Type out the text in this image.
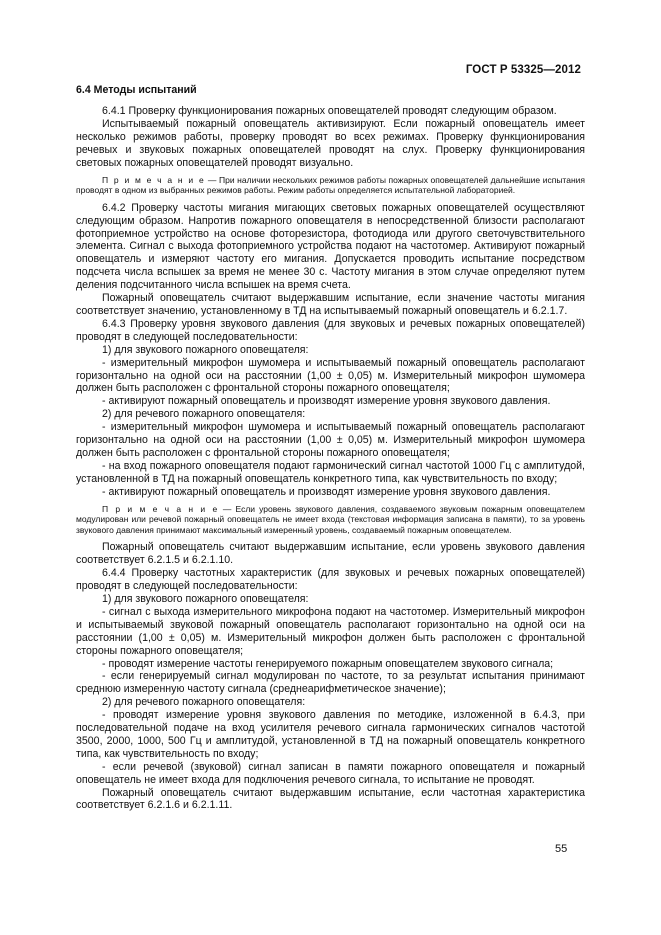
ГОСТ Р 53325—2012
6.4 Методы испытаний

6.4.1 Проверку функционирования пожарных оповещателей проводят следующим образом.

Испытываемый пожарный оповещатель активизируют. Если пожарный оповещатель имеет несколько режимов работы, проверку проводят во всех режимах. Проверку функционирования речевых и звуковых пожарных оповещателей проводят на слух. Проверку функционирования световых пожарных оповещателей проводят визуально.

П р и м е ч а н и е — При наличии нескольких режимов работы пожарных оповещателей дальнейшие испытания проводят в одном из выбранных режимов работы. Режим работы определяется испытательной лабораторией.

6.4.2 Проверку частоты мигания мигающих световых пожарных оповещателей осуществляют следующим образом. Напротив пожарного оповещателя в непосредственной близости располагают фотоприемное устройство на основе фоторезистора, фотодиода или другого светочувствительного элемента. Сигнал с выхода фотоприемного устройства подают на частотомер. Активируют пожарный оповещатель и измеряют частоту его мигания. Допускается проводить испытание посредством подсчета числа вспышек за время не менее 30 с. Частоту мигания в этом случае определяют путем деления подсчитанного числа вспышек на время счета.

Пожарный оповещатель считают выдержавшим испытание, если значение частоты мигания соответствует значению, установленному в ТД на испытываемый пожарный оповещатель и 6.2.1.7.

6.4.3 Проверку уровня звукового давления (для звуковых и речевых пожарных оповещателей) проводят в следующей последовательности:

1) для звукового пожарного оповещателя:

- измерительный микрофон шумомера и испытываемый пожарный оповещатель располагают горизонтально на одной оси на расстоянии (1,00 ± 0,05) м. Измерительный микрофон шумомера должен быть расположен с фронтальной стороны пожарного оповещателя;

- активируют пожарный оповещатель и производят измерение уровня звукового давления.

2) для речевого пожарного оповещателя:

- измерительный микрофон шумомера и испытываемый пожарный оповещатель располагают горизонтально на одной оси на расстоянии (1,00 ± 0,05) м. Измерительный микрофон шумомера должен быть расположен с фронтальной стороны пожарного оповещателя;

- на вход пожарного оповещателя подают гармонический сигнал частотой 1000 Гц с амплитудой, установленной в ТД на пожарный оповещатель конкретного типа, как чувствительность по входу;

- активируют пожарный оповещатель и производят измерение уровня звукового давления.

П р и м е ч а н и е — Если уровень звукового давления, создаваемого звуковым пожарным оповещателем модулирован или речевой пожарный оповещатель не имеет входа (текстовая информация записана в памяти), то за уровень звукового давления принимают максимальный измеренный уровень, создаваемый пожарным оповещателем.

Пожарный оповещатель считают выдержавшим испытание, если уровень звукового давления соответствует 6.2.1.5 и 6.2.1.10.

6.4.4 Проверку частотных характеристик (для звуковых и речевых пожарных оповещателей) проводят в следующей последовательности:

1) для звукового пожарного оповещателя:

- сигнал с выхода измерительного микрофона подают на частотомер. Измерительный микрофон и испытываемый звуковой пожарный оповещатель располагают горизонтально на одной оси на расстоянии (1,00 ± 0,05) м. Измерительный микрофон должен быть расположен с фронтальной стороны пожарного оповещателя;

- проводят измерение частоты генерируемого пожарным оповещателем звукового сигнала;

- если генерируемый сигнал модулирован по частоте, то за результат испытания принимают среднюю измеренную частоту сигнала (среднеарифметическое значение);

2) для речевого пожарного оповещателя:

- проводят измерение уровня звукового давления по методике, изложенной в 6.4.3, при последовательной подаче на вход усилителя речевого сигнала гармонических сигналов частотой 3500, 2000, 1000, 500 Гц и амплитудой, установленной в ТД на пожарный оповещатель конкретного типа, как чувствительность по входу;

- если речевой (звуковой) сигнал записан в памяти пожарного оповещателя и пожарный оповещатель не имеет входа для подключения речевого сигнала, то испытание не проводят.

Пожарный оповещатель считают выдержавшим испытание, если частотная характеристика соответствует 6.2.1.6 и 6.2.1.11.

55
